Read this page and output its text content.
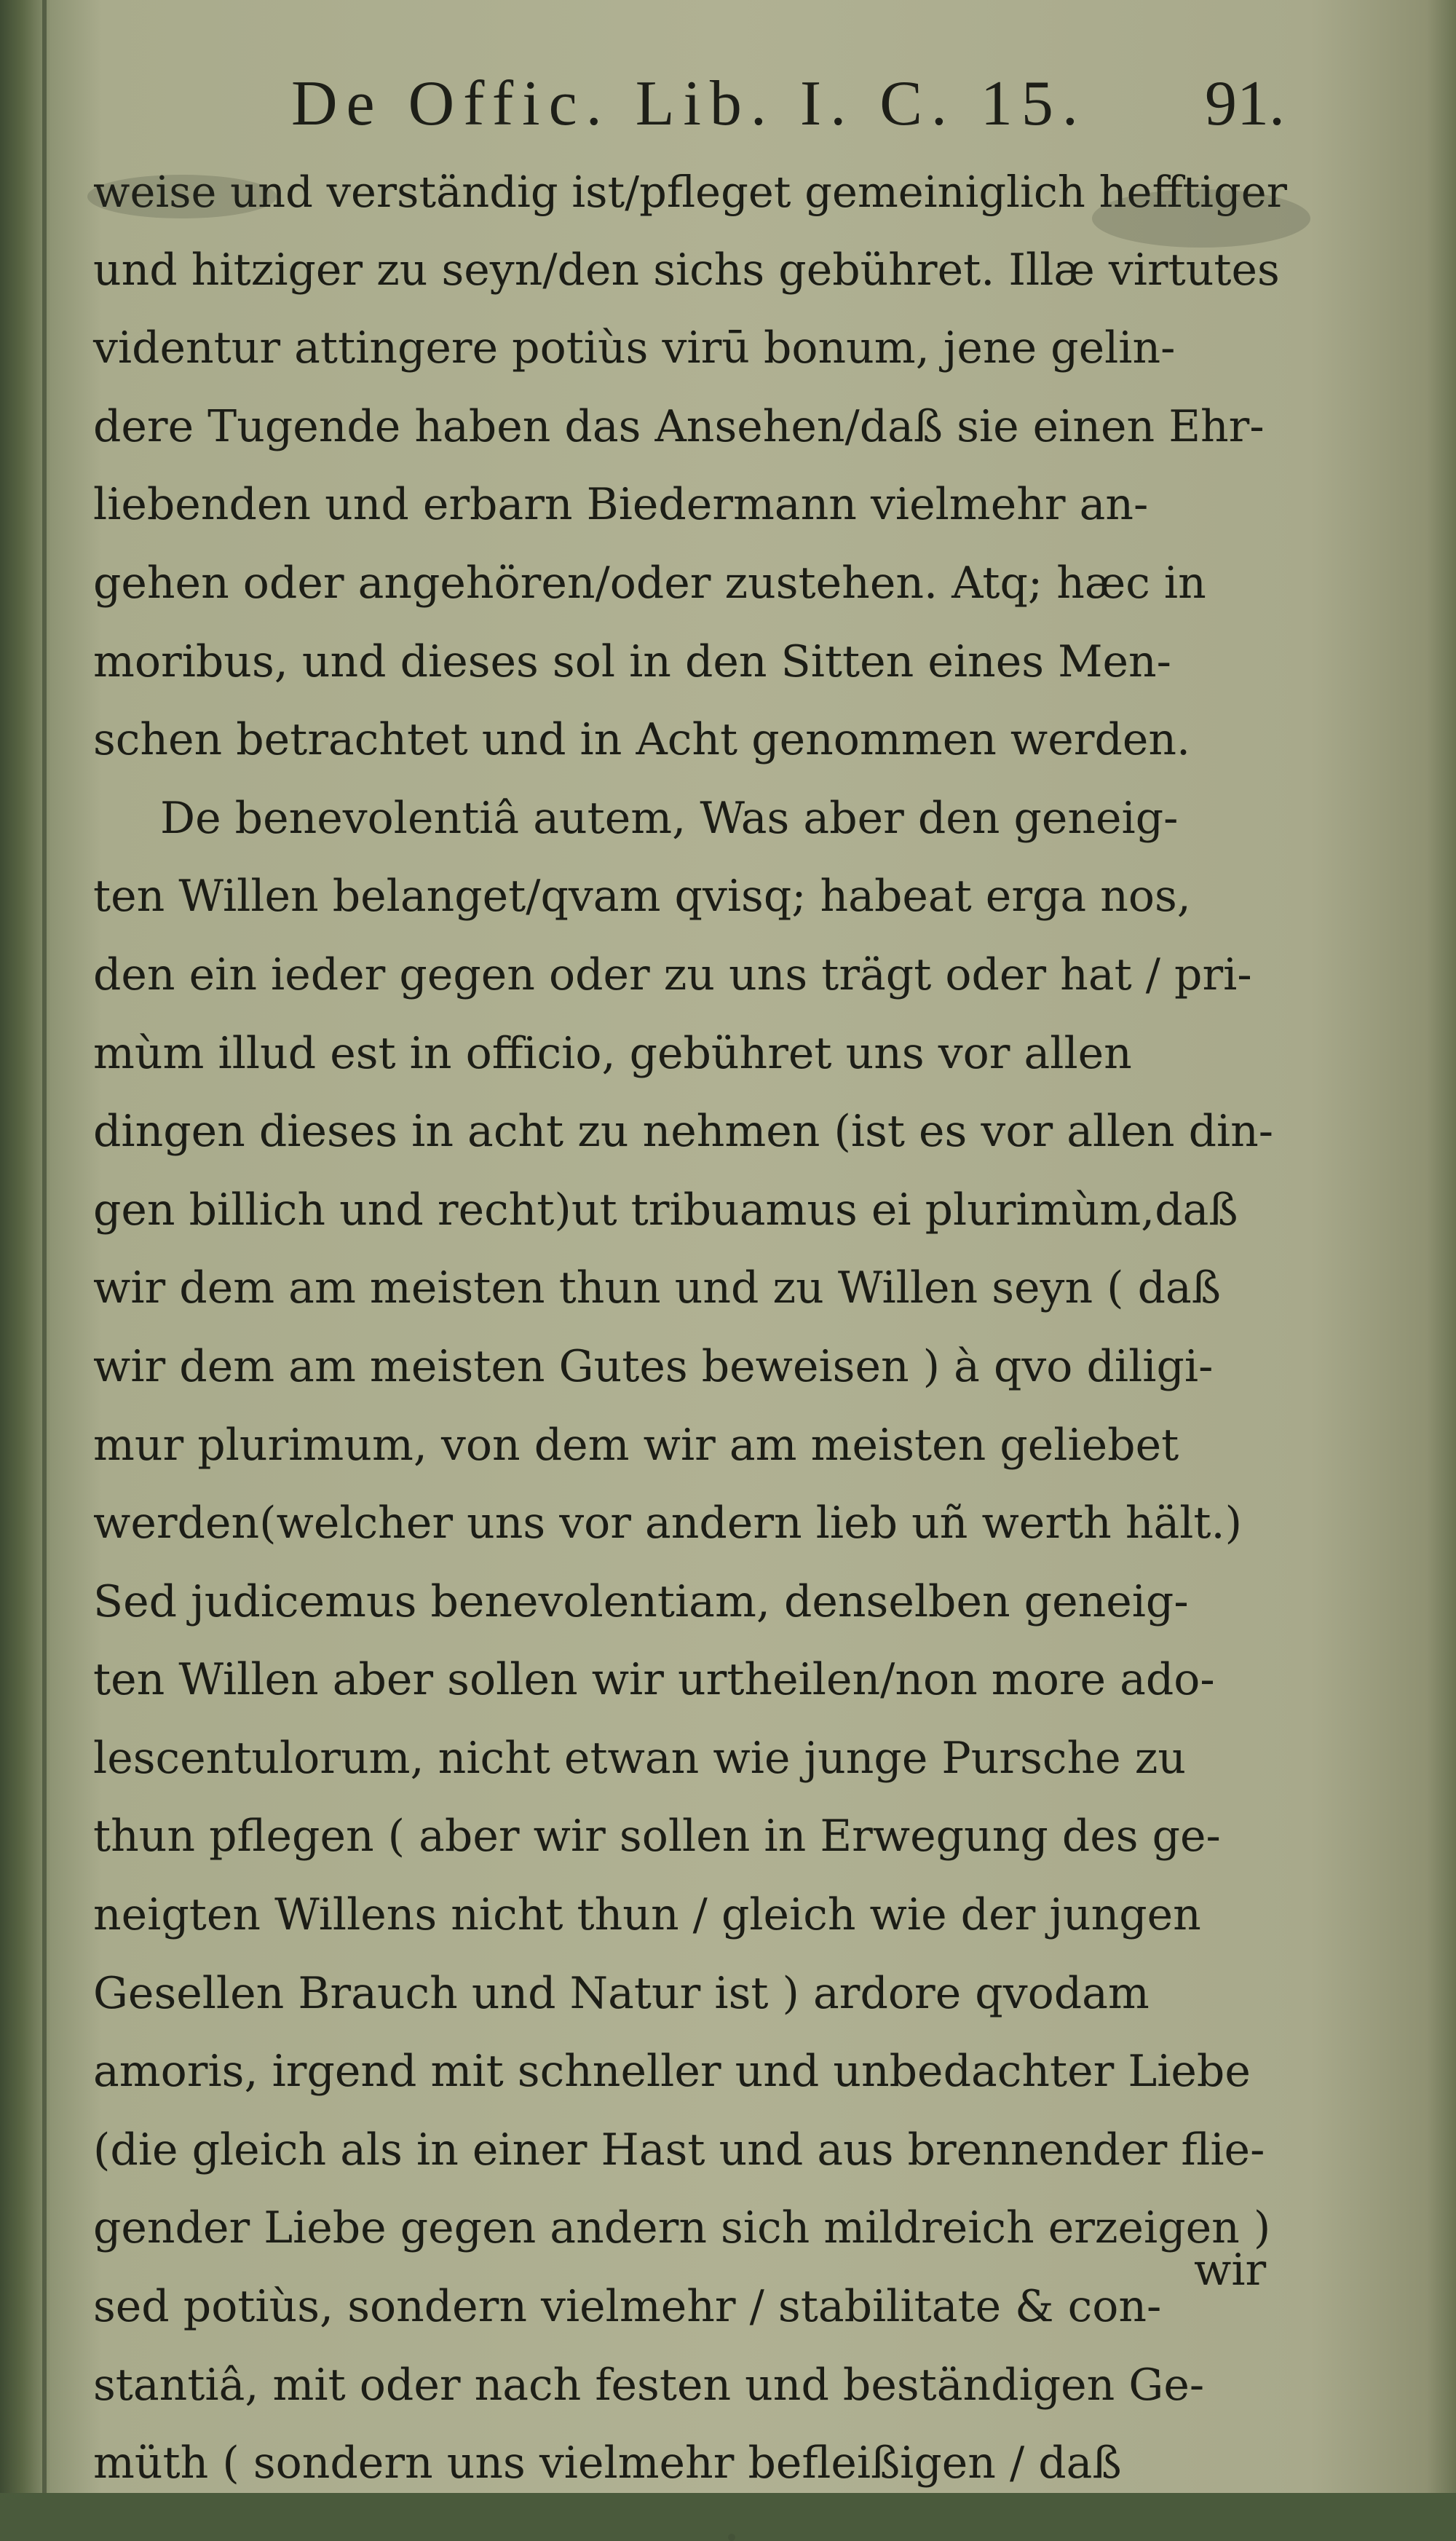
De Offic. Lib. I. C. 15. 91.
weise und verständig ist/pfleget gemeiniglich hefftiger
und hitziger zu seyn/den sichs gebühret. Illæ virtutes
videntur attingere potiùs virū bonum, jene gelin-
dere Tugende haben das Ansehen/daß sie einen Ehr-
liebenden und erbarn Biedermann vielmehr an-
gehen oder angehören/oder zustehen. Atq; hæc in
moribus, und dieses sol in den Sitten eines Men-
schen betrachtet und in Acht genommen werden.
De benevolentiâ autem, Was aber den geneig-
ten Willen belanget/qvam qvisq; habeat erga nos,
den ein ieder gegen oder zu uns trägt oder hat / pri-
mùm illud est in officio, gebühret uns vor allen
dingen dieses in acht zu nehmen (ist es vor allen din-
gen billich und recht)ut tribuamus ei plurimùm,daß
wir dem am meisten thun und zu Willen seyn ( daß
wir dem am meisten Gutes beweisen ) à qvo diligi-
mur plurimum, von dem wir am meisten geliebet
werden(welcher uns vor andern lieb uñ werth hält.)
Sed judicemus benevolentiam, denselben geneig-
ten Willen aber sollen wir urtheilen/non more ado-
lescentulorum, nicht etwan wie junge Pursche zu
thun pflegen ( aber wir sollen in Erwegung des ge-
neigten Willens nicht thun / gleich wie der jungen
Gesellen Brauch und Natur ist ) ardore qvodam
amoris, irgend mit schneller und unbedachter Liebe
(die gleich als in einer Hast und aus brennender flie-
gender Liebe gegen andern sich mildreich erzeigen )
sed potiùs, sondern vielmehr / stabilitate & con-
stantiâ, mit oder nach festen und beständigen Ge-
müth ( sondern uns vielmehr befleißigen / daß
wir
